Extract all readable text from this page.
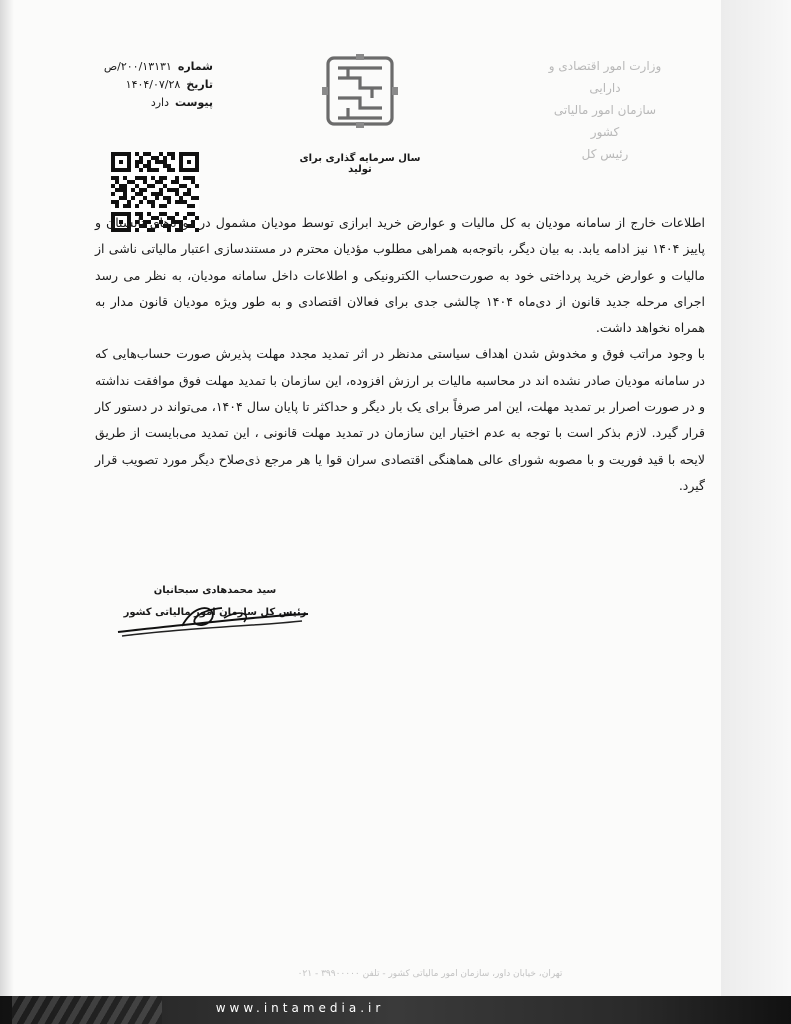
شماره
۲۰۰/۱۳۱۳۱/ص
تاریخ
۱۴۰۴/۰۷/۲۸
پیوست
دارد
وزارت امور اقتصادی و دارایی
سازمان امور مالیاتی کشور
رئیس کل
سال سرمایه گذاری برای تولید

اطلاعات خارج از سامانه مودیان به کل مالیات و عوارض خرید ابرازی توسط مودیان مشمول در دوره‌های تابستان و پاییز ۱۴۰۴ نیز ادامه یابد. به بیان دیگر، باتوجه‌به همراهی مطلوب مؤدیان محترم در مستندسازی اعتبار مالیاتی ناشی از مالیات و عوارض خرید پرداختی خود به صورت‌حساب الکترونیکی و اطلاعات داخل سامانه مودیان، به نظر می رسد اجرای مرحله جدید قانون از دی‌ماه ۱۴۰۴ چالشی جدی برای فعالان اقتصادی و به طور ویژه مودیان قانون مدار به همراه نخواهد داشت.

با وجود مراتب فوق و مخدوش شدن اهداف سیاستی مدنظر در اثر تمدید مجدد مهلت پذیرش صورت حساب‌هایی که در سامانه مودیان صادر نشده اند در محاسبه مالیات بر ارزش افزوده، این سازمان با تمدید مهلت فوق موافقت نداشته و در صورت اصرار بر تمدید مهلت، این امر صرفاً برای یک بار دیگر و حداکثر تا پایان سال ۱۴۰۴، می‌تواند در دستور کار قرار گیرد. لازم بذکر است با توجه به عدم اختیار این سازمان در تمدید مهلت قانونی ، این تمدید می‌بایست از طریق لایحه با قید فوریت و با مصوبه شورای عالی هماهنگی اقتصادی سران قوا یا هر مرجع ذی‌صلاح دیگر مورد تصویب قرار گیرد.

سید محمدهادی سبحانیان
رئیس کل سازمان امور مالیاتی کشور
تهران، خیابان داور، سازمان امور مالیاتی کشور - تلفن ۳۹۹۰۰۰۰۰ - ۰۲۱
www.intamedia.ir
